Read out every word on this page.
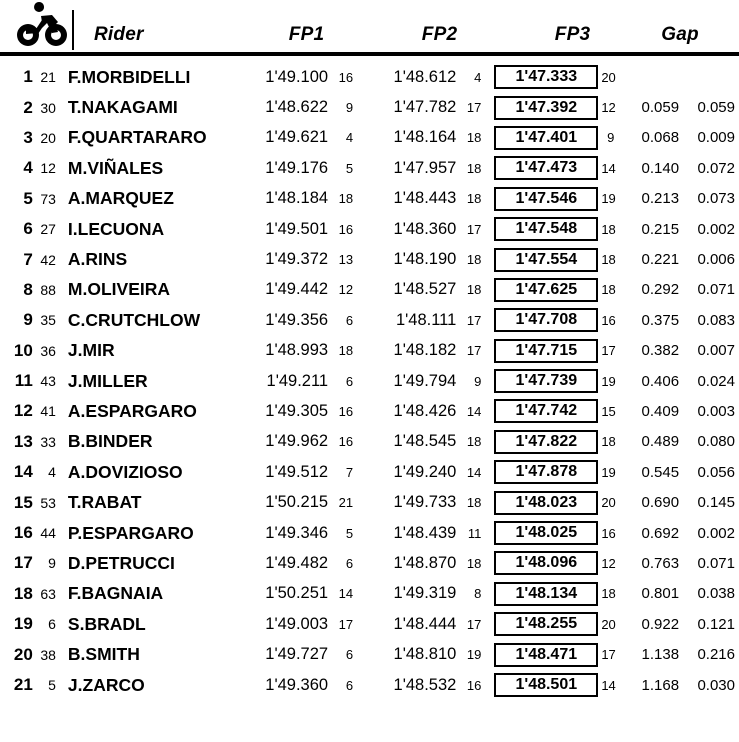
Rider	FP1	FP2	FP3	Gap
1 21 F.MORBIDELLI	1'49.100 16	1'48.612	4	1'47.333	20
2 30 T.NAKAGAMI	1'48.622	9	1'47.782 17	1'47.392	12	0.059	0.059
3 20 F.QUARTARARO	1'49.621	4	1'48.164 18	1'47.401	9	0.068	0.009
4 12 M.VIÑALES	1'49.176	5	1'47.957 18	1'47.473	14	0.140	0.072
5 73 A.MARQUEZ	1'48.184 18	1'48.443 18	1'47.546	19	0.213	0.073
6 27 I.LECUONA	1'49.501 16	1'48.360 17	1'47.548	18	0.215	0.002
7 42 A.RINS	1'49.372 13	1'48.190 18	1'47.554	18	0.221	0.006
8 88 M.OLIVEIRA	1'49.442 12	1'48.527 18	1'47.625	18	0.292	0.071
9 35 C.CRUTCHLOW	1'49.356	6	1'48.111 17	1'47.708	16	0.375	0.083
10 36 J.MIR	1'48.993 18	1'48.182 17	1'47.715	17	0.382	0.007
11 43 J.MILLER	1'49.211	6	1'49.794	9	1'47.739	19	0.406	0.024
12 41 A.ESPARGARO	1'49.305 16	1'48.426 14	1'47.742	15	0.409	0.003
13 33 B.BINDER	1'49.962 16	1'48.545 18	1'47.822	18	0.489	0.080
14	4 A.DOVIZIOSO	1'49.512	7	1'49.240 14	1'47.878	19	0.545	0.056
15 53 T.RABAT	1'50.215 21	1'49.733 18	1'48.023	20	0.690	0.145
16 44 P.ESPARGARO	1'49.346	5	1'48.439 11	1'48.025	16	0.692	0.002
17	9 D.PETRUCCI	1'49.482	6	1'48.870 18	1'48.096	12	0.763	0.071
18 63 F.BAGNAIA	1'50.251 14	1'49.319	8	1'48.134	18	0.801	0.038
19	6 S.BRADL	1'49.003 17	1'48.444 17	1'48.255	20	0.922	0.121
20 38 B.SMITH	1'49.727	6	1'48.810 19	1'48.471	17	1.138	0.216
21	5 J.ZARCO	1'49.360	6	1'48.532 16	1'48.501	14	1.168	0.030
